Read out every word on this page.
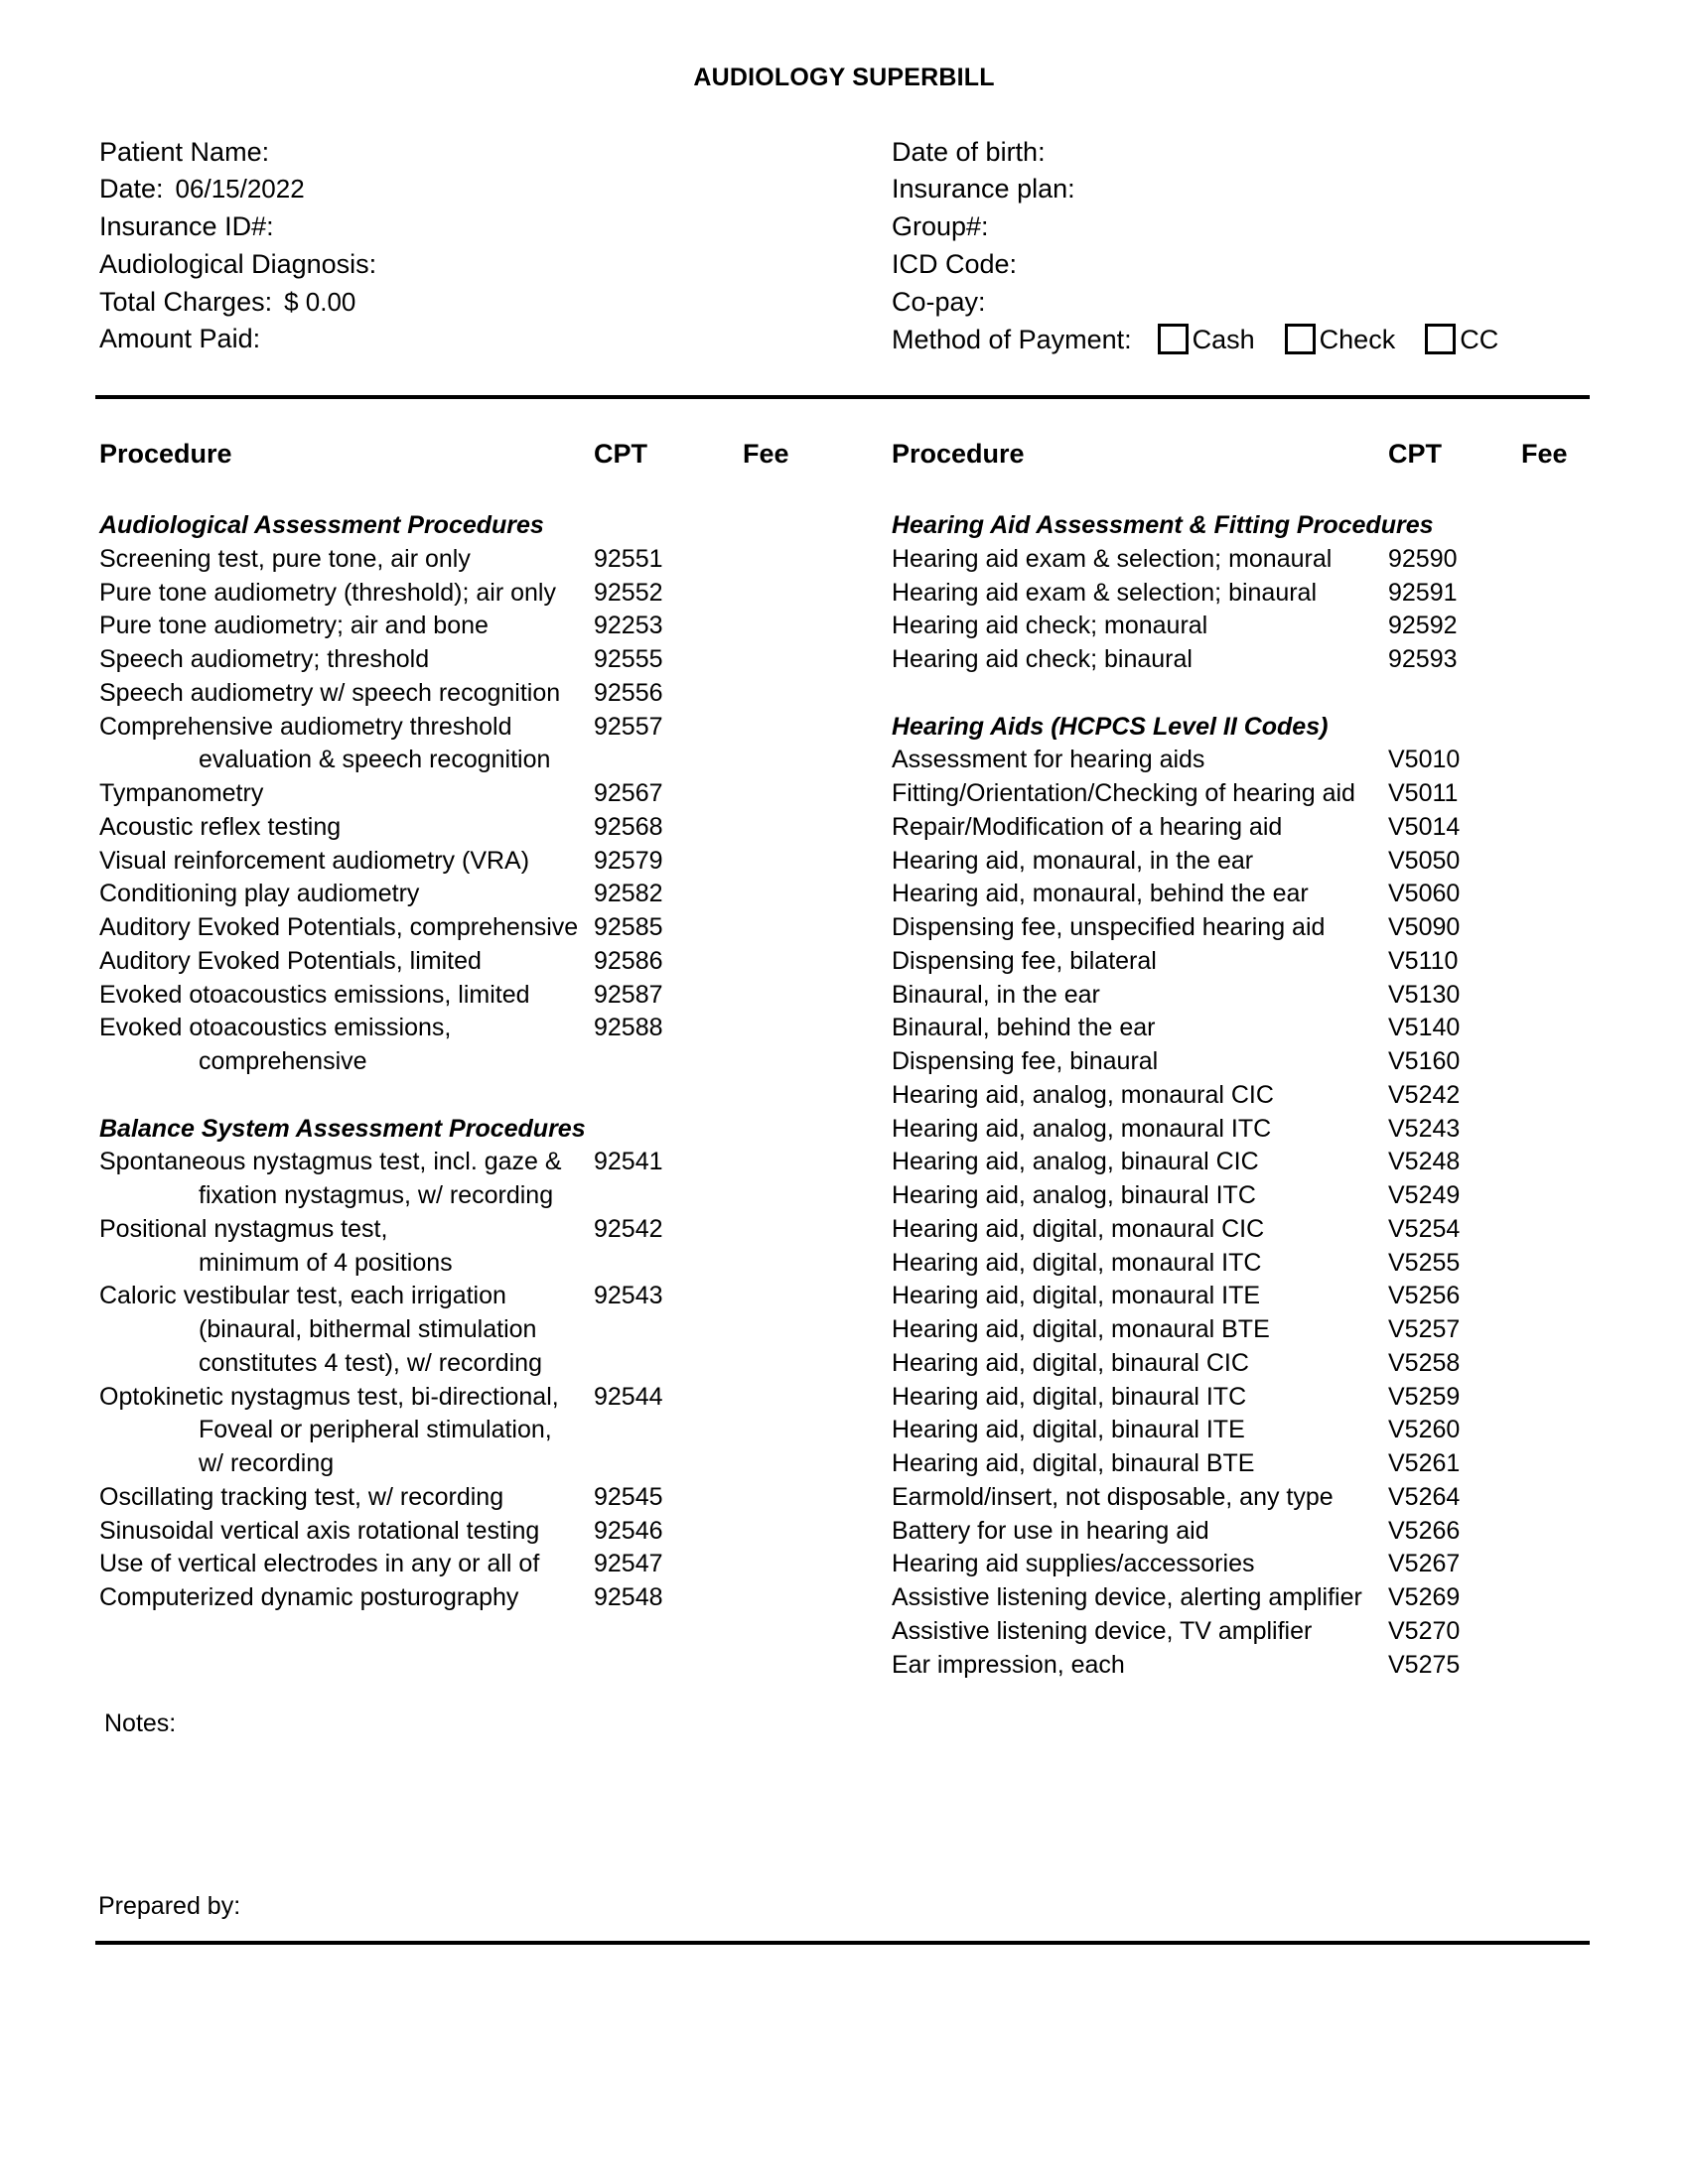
AUDIOLOGY SUPERBILL
Patient Name:
Date: 06/15/2022
Insurance ID#:
Audiological Diagnosis:
Total Charges: $ 0.00
Amount Paid:
Date of birth:
Insurance plan:
Group#:
ICD Code:
Co-pay:
Method of Payment: Cash Check CC
Procedure	CPT	Fee	Procedure	CPT	Fee
Audiological Assessment Procedures
Screening test, pure tone, air only	92551
Pure tone audiometry (threshold); air only 92552
Pure tone audiometry; air and bone	92253
Speech audiometry; threshold	92555
Speech audiometry w/ speech recognition 92556
Comprehensive audiometry threshold	92557
evaluation & speech recognition
Tympanometry	92567
Acoustic reflex testing	92568
Visual reinforcement audiometry (VRA)	92579
Conditioning play audiometry	92582
Auditory Evoked Potentials, comprehensive 92585
Auditory Evoked Potentials, limited	92586
Evoked otoacoustics emissions, limited	92587
Evoked otoacoustics emissions,	92588
comprehensive
Balance System Assessment Procedures
Spontaneous nystagmus test, incl. gaze & 92541
fixation nystagmus, w/ recording
Positional nystagmus test,	92542
minimum of 4 positions
Caloric vestibular test, each irrigation	92543
(binaural, bithermal stimulation
constitutes 4 test), w/ recording
Optokinetic nystagmus test, bi-directional, 92544
Foveal or peripheral stimulation,
w/ recording
Oscillating tracking test, w/ recording	92545
Sinusoidal vertical axis rotational testing 92546
Use of vertical electrodes in any or all of 92547
Computerized dynamic posturography	92548
Hearing Aid Assessment & Fitting Procedures
Hearing aid exam & selection; monaural 92590
Hearing aid exam & selection; binaural	92591
Hearing aid check; monaural	92592
Hearing aid check; binaural	92593
Hearing Aids (HCPCS Level II Codes)
Assessment for hearing aids	V5010
Fitting/Orientation/Checking of hearing aid V5011
Repair/Modification of a hearing aid	V5014
Hearing aid, monaural, in the ear	V5050
Hearing aid, monaural, behind the ear	V5060
Dispensing fee, unspecified hearing aid	V5090
Dispensing fee, bilateral	V5110
Binaural, in the ear	V5130
Binaural, behind the ear	V5140
Dispensing fee, binaural	V5160
Hearing aid, analog, monaural CIC	V5242
Hearing aid, analog, monaural ITC	V5243
Hearing aid, analog, binaural CIC	V5248
Hearing aid, analog, binaural ITC	V5249
Hearing aid, digital, monaural CIC	V5254
Hearing aid, digital, monaural ITC	V5255
Hearing aid, digital, monaural ITE	V5256
Hearing aid, digital, monaural BTE	V5257
Hearing aid, digital, binaural CIC	V5258
Hearing aid, digital, binaural ITC	V5259
Hearing aid, digital, binaural ITE	V5260
Hearing aid, digital, binaural BTE	V5261
Earmold/insert, not disposable, any type V5264
Battery for use in hearing aid	V5266
Hearing aid supplies/accessories	V5267
Assistive listening device, alerting amplifier V5269
Assistive listening device, TV amplifier	V5270
Ear impression, each	V5275
Notes:
Prepared by:
